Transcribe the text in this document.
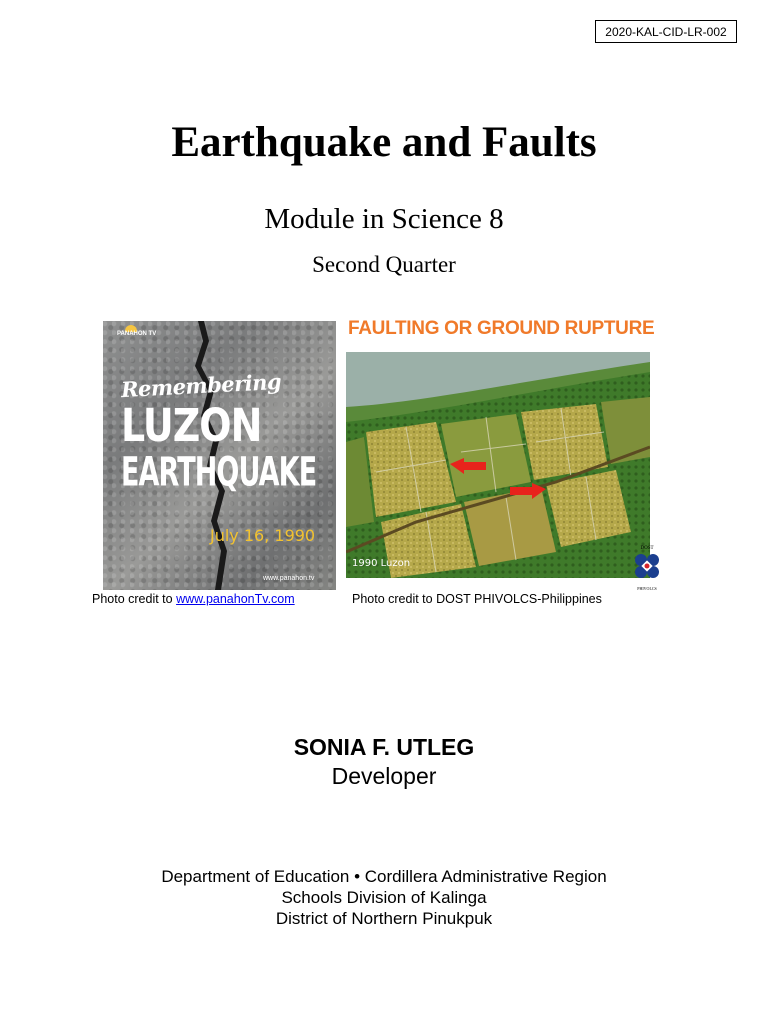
2020-KAL-CID-LR-002
Earthquake and Faults
Module in Science 8
Second Quarter
PANAHON TV
Remembering
LUZON
EARTHQUAKE
July 16, 1990
www.panahon.tv
FAULTING OR GROUND RUPTURE
1990 Luzon
DOST
PHIVOLCS
Photo credit to www.panahonTv.com	Photo credit to DOST PHIVOLCS-Philippines
SONIA F. UTLEG
Developer
Department of Education • Cordillera Administrative Region
Schools Division of Kalinga
District of Northern Pinukpuk
